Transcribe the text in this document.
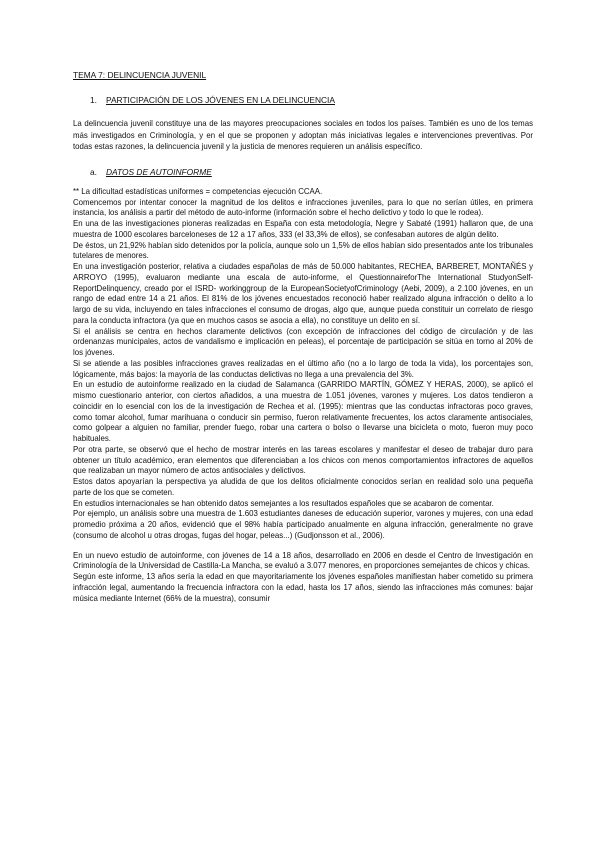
TEMA 7: DELINCUENCIA JUVENIL
1.	PARTICIPACIÓN DE LOS JÓVENES EN LA DELINCUENCIA

La delincuencia juvenil constituye una de las mayores preocupaciones sociales en todos los países. También es uno de los temas más investigados en Criminología, y en el que se proponen y adoptan más iniciativas legales e intervenciones preventivas. Por todas estas razones, la delincuencia juvenil y la justicia de menores requieren un análisis específico.

a.	DATOS DE AUTOINFORME

** La dificultad estadísticas uniformes = competencias ejecución CCAA.

Comencemos por intentar conocer la magnitud de los delitos e infracciones juveniles, para lo que no serían útiles, en primera instancia, los análisis a partir del método de auto-informe (información sobre el hecho delictivo y todo lo que le rodea).

En una de las investigaciones pioneras realizadas en España con esta metodología, Negre y Sabaté (1991) hallaron que, de una muestra de 1000 escolares barceloneses de 12 a 17 años, 333 (el 33,3% de ellos), se confesaban autores de algún delito.

De éstos, un 21,92% habían sido detenidos por la policía, aunque solo un 1,5% de ellos habían sido presentados ante los tribunales tutelares de menores.

En una investigación posterior, relativa a ciudades españolas de más de 50.000 habitantes, RECHEA, BARBERET, MONTAÑÉS y ARROYO (1995), evaluaron mediante una escala de auto-informe, el QuestionnaireforThe International StudyonSelf-ReportDelinquency, creado por el ISRD- workinggroup de la EuropeanSocietyofCriminology (Aebi, 2009), a 2.100 jóvenes, en un rango de edad entre 14 a 21 años. El 81% de los jóvenes encuestados reconoció haber realizado alguna infracción o delito a lo largo de su vida, incluyendo en tales infracciones el consumo de drogas, algo que, aunque pueda constituir un correlato de riesgo para la conducta infractora (ya que en muchos casos se asocia a ella), no constituye un delito en sí.

Si el análisis se centra en hechos claramente delictivos (con excepción de infracciones del código de circulación y de las ordenanzas municipales, actos de vandalismo e implicación en peleas), el porcentaje de participación se sitúa en torno al 20% de los jóvenes.

Si se atiende a las posibles infracciones graves realizadas en el último año (no a lo largo de toda la vida), los porcentajes son, lógicamente, más bajos: la mayoría de las conductas delictivas no llega a una prevalencia del 3%.

En un estudio de autoinforme realizado en la ciudad de Salamanca (GARRIDO MARTÍN, GÓMEZ Y HERAS, 2000), se aplicó el mismo cuestionario anterior, con ciertos añadidos, a una muestra de 1.051 jóvenes, varones y mujeres. Los datos tendieron a coincidir en lo esencial con los de la investigación de Rechea et al. (1995): mientras que las conductas infractoras poco graves, como tomar alcohol, fumar marihuana o conducir sin permiso, fueron relativamente frecuentes, los actos claramente antisociales, como golpear a alguien no familiar, prender fuego, robar una cartera o bolso o llevarse una bicicleta o moto, fueron muy poco habituales.

Por otra parte, se observó que el hecho de mostrar interés en las tareas escolares y manifestar el deseo de trabajar duro para obtener un título académico, eran elementos que diferenciaban a los chicos con menos comportamientos infractores de aquellos que realizaban un mayor número de actos antisociales y delictivos.

Estos datos apoyarían la perspectiva ya aludida de que los delitos oficialmente conocidos serían en realidad solo una pequeña parte de los que se cometen.

En estudios internacionales se han obtenido datos semejantes a los resultados españoles que se acabaron de comentar.

Por ejemplo, un análisis sobre una muestra de 1.603 estudiantes daneses de educación superior, varones y mujeres, con una edad promedio próxima a 20 años, evidenció que el 98% había participado anualmente en alguna infracción, generalmente no grave (consumo de alcohol u otras drogas, fugas del hogar, peleas...) (Gudjonsson et al., 2006).

En un nuevo estudio de autoinforme, con jóvenes de 14 a 18 años, desarrollado en 2006 en desde el Centro de Investigación en Criminología de la Universidad de Castilla-La Mancha, se evaluó a 3.077 menores, en proporciones semejantes de chicos y chicas.

Según este informe, 13 años sería la edad en que mayoritariamente los jóvenes españoles manifiestan haber cometido su primera infracción legal, aumentando la frecuencia infractora con la edad, hasta los 17 años, siendo las infracciones más comunes: bajar música mediante Internet (66% de la muestra), consumir
